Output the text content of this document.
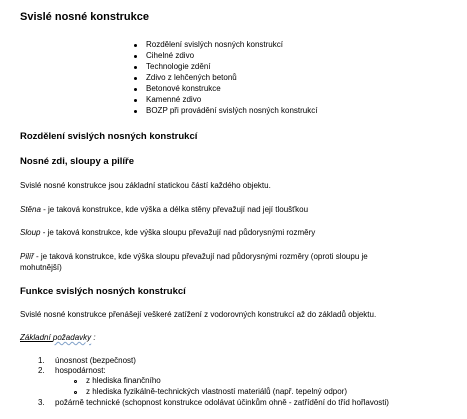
Svislé nosné konstrukce
Rozdělení svislých nosných konstrukcí
Cihelné zdivo
Technologie zdění
Zdivo z lehčených betonů
Betonové konstrukce
Kamenné zdivo
BOZP při provádění svislých nosných konstrukcí
Rozdělení svislých nosných konstrukcí
Nosné zdi, sloupy a pilíře
Svislé nosné konstrukce jsou základní statickou částí každého objektu.
Stěna - je taková konstrukce, kde výška a délka stěny převažují nad její tloušťkou
Sloup - je taková konstrukce, kde výška sloupu převažují nad půdorysnými rozměry
Pilíř - je taková konstrukce, kde výška sloupu převažují nad půdorysnými rozměry (oproti sloupu je
mohutnější)
Funkce svislých nosných konstrukcí
Svislé nosné konstrukce přenášejí veškeré zatížení z vodorovných konstrukcí až do základů objektu.
Základní požadavky :
1. únosnost (bezpečnost)
2. hospodárnost:
z hlediska finančního
z hlediska fyzikálně-technických vlastností materiálů (např. tepelný odpor)
3. požárně technické (schopnost konstrukce odolávat účinkům ohně - zatřídění do tříd hořlavosti)
